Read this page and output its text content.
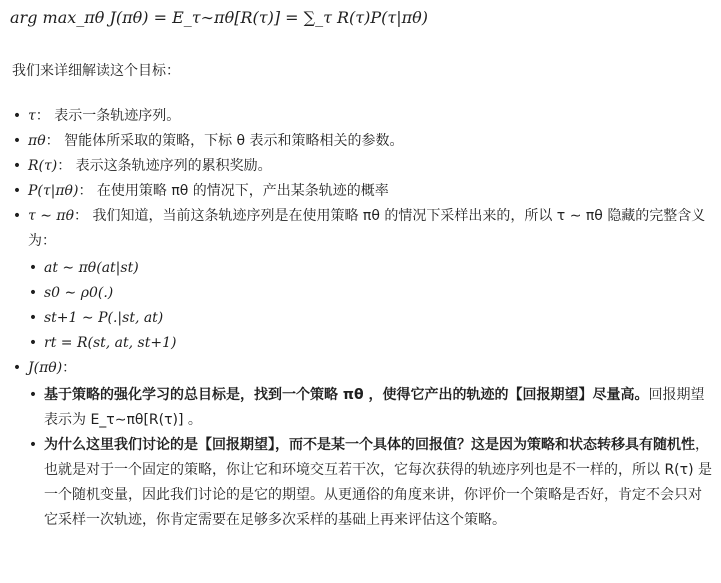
arg max_πθ J(πθ) = E_τ∼πθ[R(τ)] = ∑_τ R(τ)P(τ|πθ)
我们来详细解读这个目标：
• τ： 表示一条轨迹序列。
• πθ： 智能体所采取的策略，下标 θ 表示和策略相关的参数。
• R(τ)： 表示这条轨迹序列的累积奖励。
• P(τ|πθ)： 在使用策略 πθ 的情况下，产出某条轨迹的概率
• τ ∼ πθ： 我们知道，当前这条轨迹序列是在使用策略 πθ 的情况下采样出来的，所以 τ ∼ πθ 隐藏的完整含义为：
• at ∼ πθ(at|st)
• s0 ∼ ρ0(.)
• st+1 ∼ P(.|st, at)
• rt = R(st, at, st+1)
• J(πθ)：
• 基于策略的强化学习的总目标是，找到一个策略 πθ ，使得它产出的轨迹的【回报期望】尽量高。回报期望表示为 E_τ∼πθ[R(τ)] 。
• 为什么这里我们讨论的是【回报期望】，而不是某一个具体的回报值？这是因为策略和状态转移具有随机性，也就是对于一个固定的策略，你让它和环境交互若干次，它每次获得的轨迹序列也是不一样的，所以 R(τ) 是一个随机变量，因此我们讨论的是它的期望。从更通俗的角度来讲，你评价一个策略是否好，肯定不会只对它采样一次轨迹，你肯定需要在足够多次采样的基础上再来评估这个策略。
